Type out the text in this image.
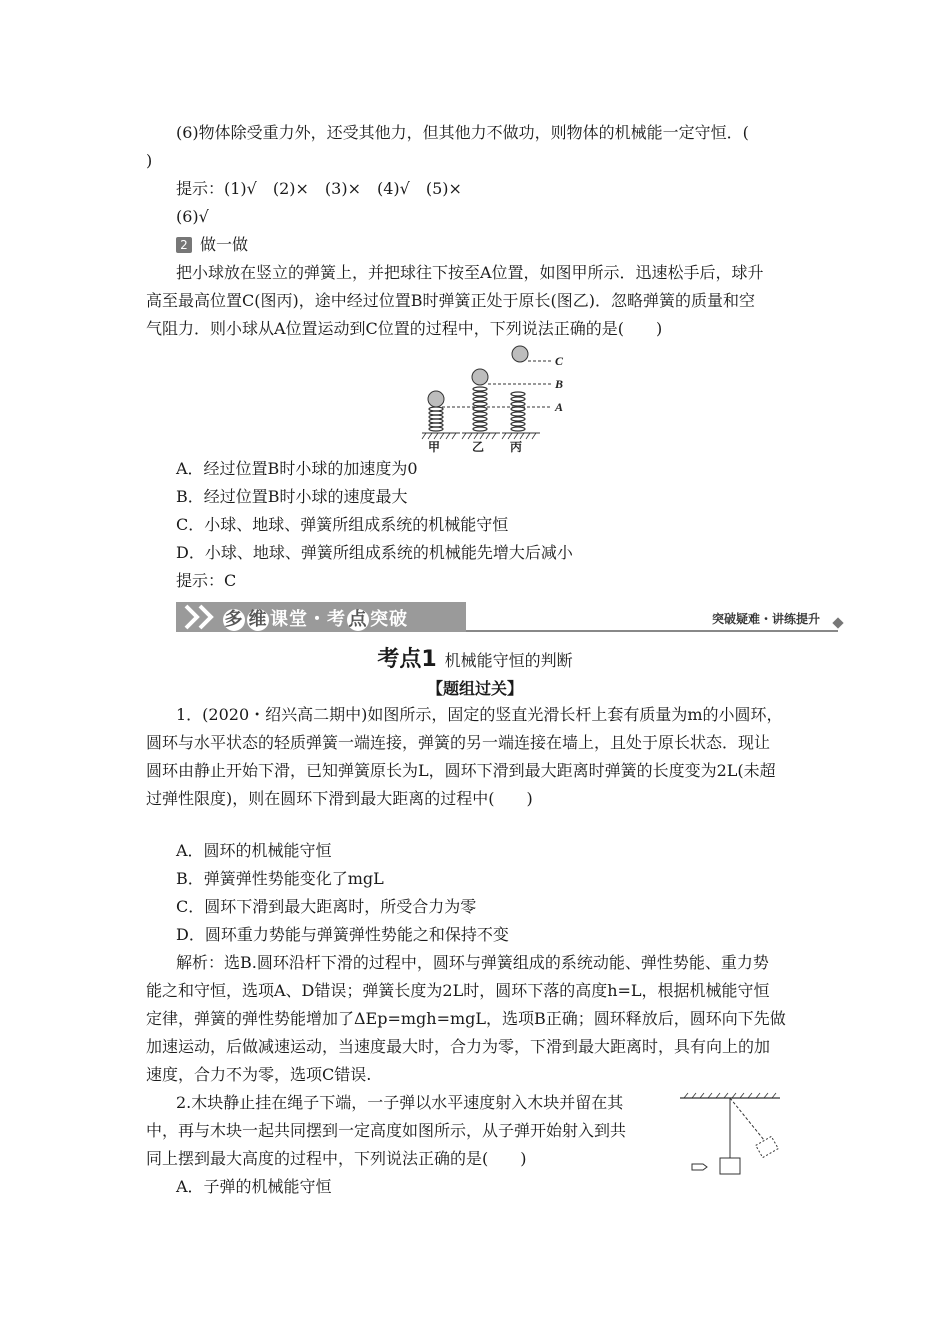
(6)物体除受重力外，还受其他力，但其他力不做功，则物体的机械能一定守恒．(
)
提示：(1)√　(2)×　(3)×　(4)√　(5)×
(6)√
2 做一做
把小球放在竖立的弹簧上，并把球往下按至A位置，如图甲所示．迅速松手后，球升
高至最高位置C(图丙)，途中经过位置B时弹簧正处于原长(图乙)．忽略弹簧的质量和空
气阻力．则小球从A位置运动到C位置的过程中，下列说法正确的是(　　)
C
B
A
甲	乙 丙
A．经过位置B时小球的加速度为0
B．经过位置B时小球的速度最大
C．小球、地球、弹簧所组成系统的机械能守恒
D．小球、地球、弹簧所组成系统的机械能先增大后减小
提示：C
多 维 课堂・考 点 突破	突破疑难・讲练提升
考点1 机械能守恒的判断
【题组过关】
1．(2020・绍兴高二期中)如图所示，固定的竖直光滑长杆上套有质量为m的小圆环，
圆环与水平状态的轻质弹簧一端连接，弹簧的另一端连接在墙上，且处于原长状态．现让
圆环由静止开始下滑，已知弹簧原长为L，圆环下滑到最大距离时弹簧的长度变为2L(未超
过弹性限度)，则在圆环下滑到最大距离的过程中(　　)
A．圆环的机械能守恒
B．弹簧弹性势能变化了mgL
C．圆环下滑到最大距离时，所受合力为零
D．圆环重力势能与弹簧弹性势能之和保持不变
解析：选B.圆环沿杆下滑的过程中，圆环与弹簧组成的系统动能、弹性势能、重力势
能之和守恒，选项A、D错误；弹簧长度为2L时，圆环下落的高度h=L，根据机械能守恒
定律，弹簧的弹性势能增加了ΔEp=mgh=mgL，选项B正确；圆环释放后，圆环向下先做
加速运动，后做减速运动，当速度最大时，合力为零，下滑到最大距离时，具有向上的加
速度，合力不为零，选项C错误.
2.木块静止挂在绳子下端，一子弹以水平速度射入木块并留在其
中，再与木块一起共同摆到一定高度如图所示，从子弹开始射入到共
同上摆到最大高度的过程中，下列说法正确的是(　　)
A．子弹的机械能守恒
